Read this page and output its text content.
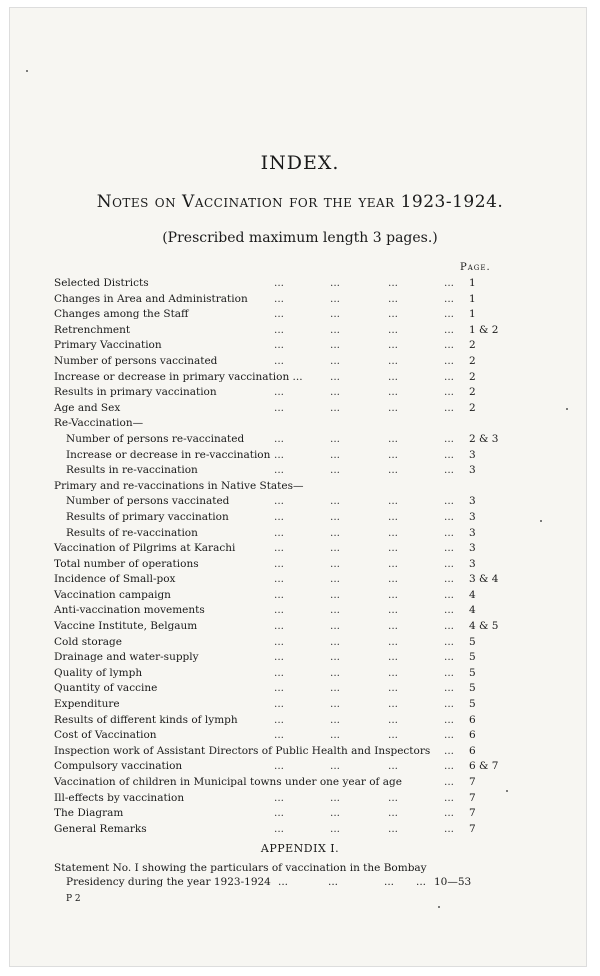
INDEX.
Notes on Vaccination for the year 1923-1924.
(Prescribed maximum length 3 pages.)
Page.
Selected Districts	...	...	...	... 1
Changes in Area and Administration	...	...	...	... 1
Changes among the Staff	...	...	...	... 1
Retrenchment	...	...	...	... 1 & 2
Primary Vaccination	...	...	...	... 2
Number of persons vaccinated	...	...	...	... 2
Increase or decrease in primary vaccination ...	...	...	... 2
Results in primary vaccination	...	...	...	... 2
Age and Sex	...	...	...	... 2
Re-Vaccination—
Number of persons re-vaccinated	...	...	...	... 2 & 3
Increase or decrease in re-vaccination ...	...	...	... 3
Results in re-vaccination	...	...	...	... 3
Primary and re-vaccinations in Native States—
Number of persons vaccinated	...	...	...	... 3
Results of primary vaccination	...	...	...	... 3
Results of re-vaccination	...	...	...	... 3
Vaccination of Pilgrims at Karachi	...	...	...	... 3
Total number of operations	...	...	...	... 3
Incidence of Small-pox	...	...	...	... 3 & 4
Vaccination campaign	...	...	...	... 4
Anti-vaccination movements	...	...	...	... 4
Vaccine Institute, Belgaum	...	...	...	... 4 & 5
Cold storage	...	...	...	... 5
Drainage and water-supply	...	...	...	... 5
Quality of lymph	...	...	...	... 5
Quantity of vaccine	...	...	...	... 5
Expenditure	...	...	...	... 5
Results of different kinds of lymph	...	...	...	... 6
Cost of Vaccination	...	...	...	... 6
Inspection work of Assistant Directors of Public Health and Inspectors ... 6
Compulsory vaccination	...	...	...	... 6 & 7
Vaccination of children in Municipal towns under one year of age	... 7
Ill-effects by vaccination	...	...	...	... 7
The Diagram	...	...	...	... 7
General Remarks	...	...	...	... 7
APPENDIX I.
Statement No. I showing the particulars of vaccination in the Bombay
Presidency during the year 1923-1924 ...	...	... ... 10—53
P 2
